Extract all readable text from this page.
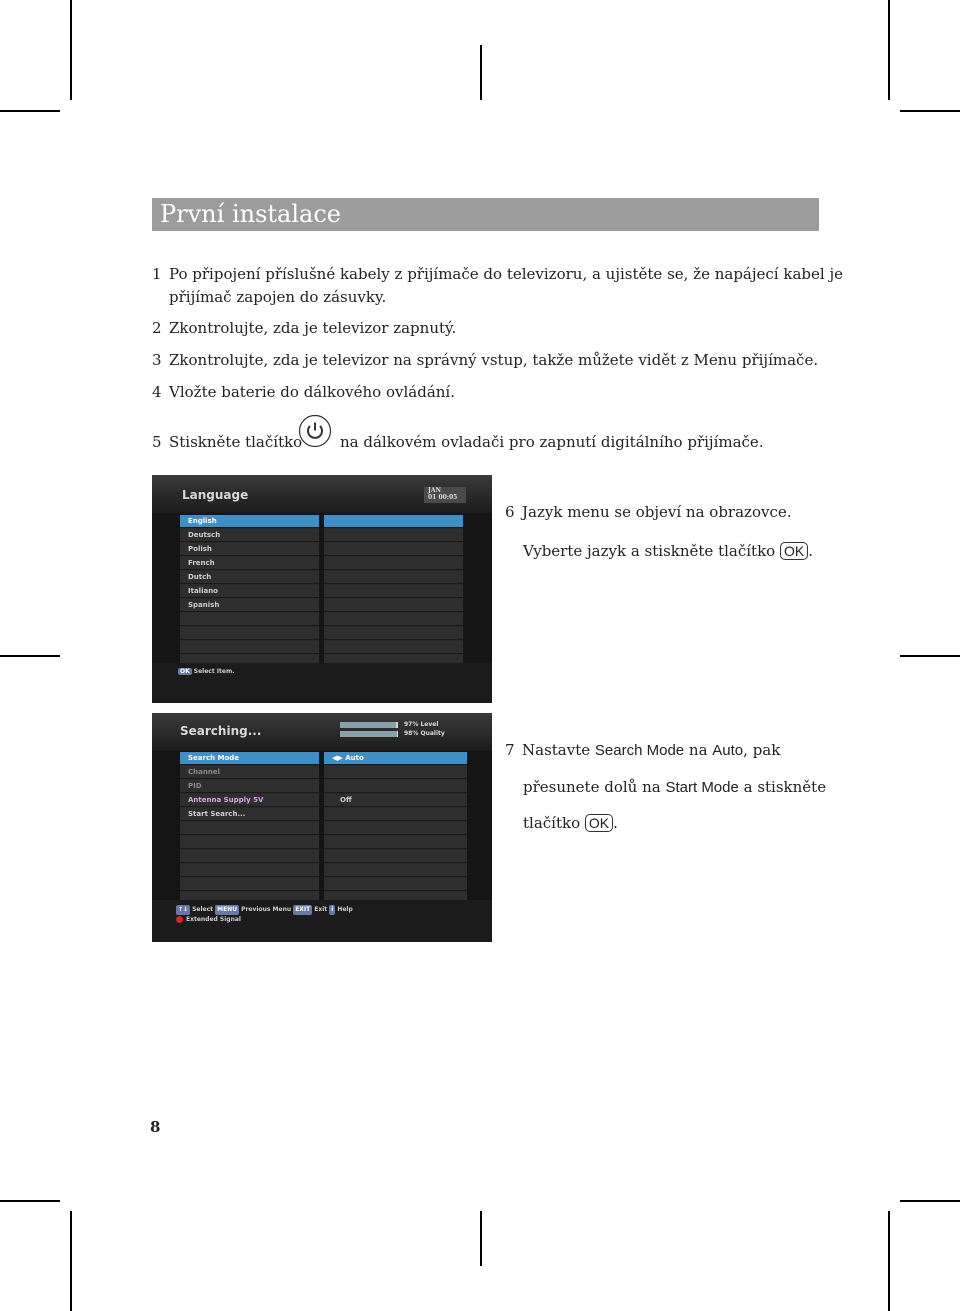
První instalace
1 Po připojení příslušné kabely z přijímače do televizoru, a ujistěte se, že napájecí kabel je
přijímač zapojen do zásuvky.
2 Zkontrolujte, zda je televizor zapnutý.
3 Zkontrolujte, zda je televizor na správný vstup, takže můžete vidět z Menu přijímače.
4 Vložte baterie do dálkového ovládání.
5 Stiskněte tlačítko	na dálkovém ovladači pro zapnutí digitálního přijímače.
Language
English
Deutsch
Polish
French
Dutch
Italiano
Spanish
OK Select Item.
JAN
01 00:05
6 Jazyk menu se objeví na obrazovce.
Vyberte jazyk a stiskněte tlačítko OK .
Searching...	97% Level
98% Quality
Search Mode
Channel
PID
Antenna Supply 5V
Start Search...
◀▶ Auto
Off
↑↓ Select MENU Previous Menu EXIT Exit i Help
Extended Signal
7 Nastavte Search Mode na Auto, pak
přesunete dolů na Start Mode a stiskněte
tlačítko OK .
8
